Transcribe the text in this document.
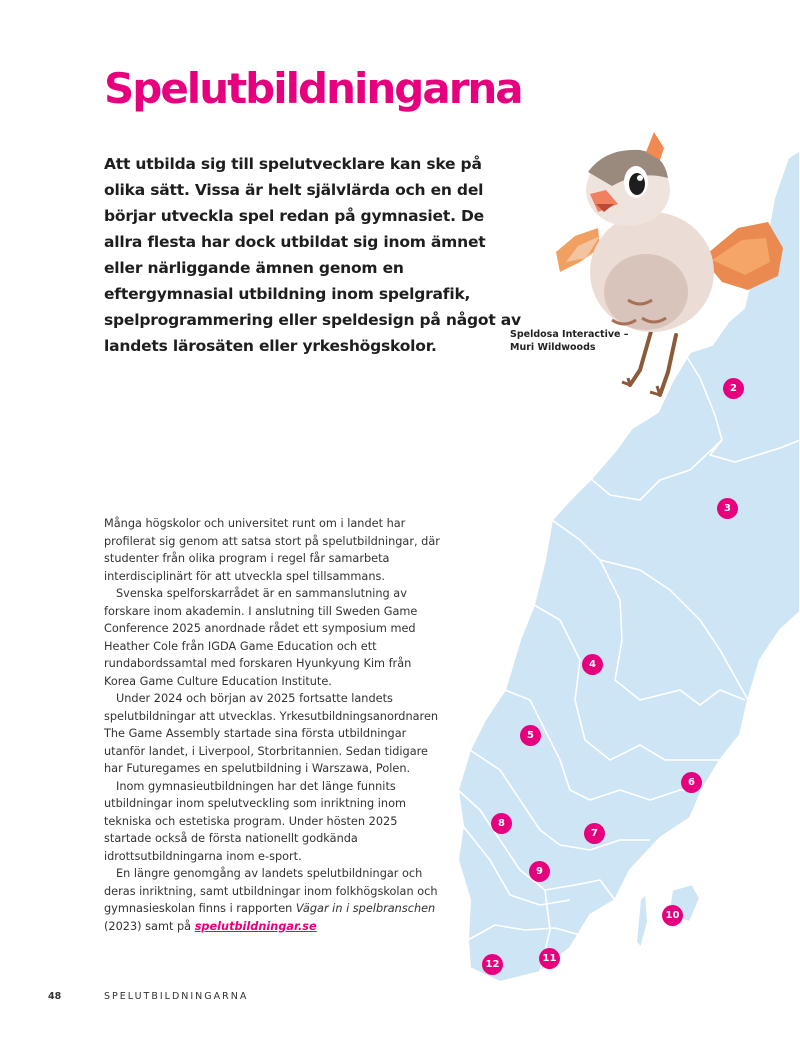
Spelutbildningarna

Att utbilda sig till spelutvecklare kan ske på olika sätt. Vissa är helt självlärda och en del börjar utveckla spel redan på gymnasiet. De allra flesta har dock utbildat sig inom ämnet eller närliggande ämnen genom en eftergymnasial utbildning inom spelgrafik, spelprogrammering eller speldesign på något av landets lärosäten eller yrkeshögskolor.

Speldosa Interactive –
Muri Wildwoods

Många högskolor och universitet runt om i landet har profilerat sig genom att satsa stort på spelutbildningar, där studenter från olika program i regel får samarbeta interdisciplinärt för att utveckla spel tillsammans.

Svenska spelforskarrådet är en sammanslutning av forskare inom akademin. I anslutning till Sweden Game Conference 2025 anordnade rådet ett symposium med Heather Cole från IGDA Game Education och ett rundabordssamtal med forskaren Hyunkyung Kim från Korea Game Culture Education Institute.

Under 2024 och början av 2025 fortsatte landets spelutbildningar att utvecklas. Yrkesutbildningsanordnaren The Game Assembly startade sina första utbildningar utanför landet, i Liverpool, Storbritannien. Sedan tidigare har Futuregames en spelutbildning i Warszawa, Polen.

Inom gymnasieutbildningen har det länge funnits utbildningar inom spelutveckling som inriktning inom tekniska och estetiska program. Under hösten 2025 startade också de första nationellt godkända idrottsutbildningarna inom e-sport.

En längre genomgång av landets spelutbildningar och deras inriktning, samt utbildningar inom folkhögskolan och gymnasieskolan finns i rapporten Vägar in i spelbranschen (2023) samt på spelutbildningar.se

48	SPELUTBILDNINGARNA
2
3
4
5
6
7
8
9
10
11
12
